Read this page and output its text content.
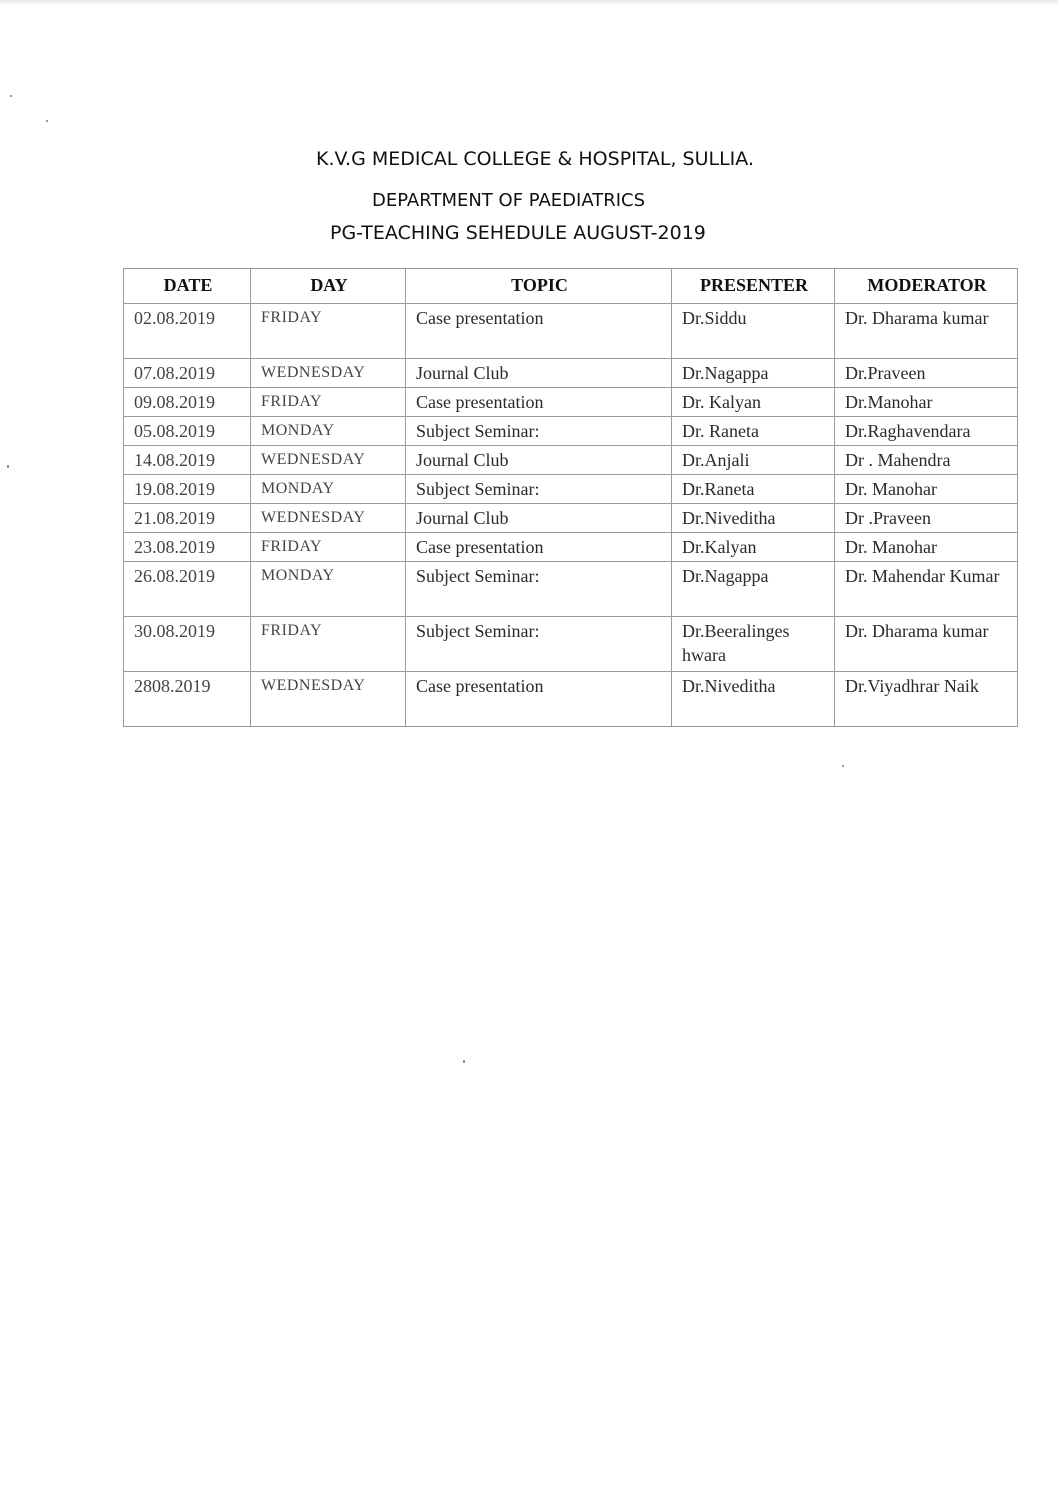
K.V.G MEDICAL COLLEGE & HOSPITAL, SULLIA.
DEPARTMENT OF PAEDIATRICS
PG-TEACHING SEHEDULE AUGUST-2019
DATE	DAY	TOPIC	PRESENTER	MODERATOR
02.08.2019	FRIDAY	Case presentation	Dr.Siddu	Dr. Dharama kumar
07.08.2019	WEDNESDAY	Journal Club	Dr.Nagappa	Dr.Praveen
09.08.2019	FRIDAY	Case presentation	Dr. Kalyan	Dr.Manohar
05.08.2019	MONDAY	Subject Seminar:	Dr. Raneta	Dr.Raghavendara
14.08.2019	WEDNESDAY	Journal Club	Dr.Anjali	Dr . Mahendra
19.08.2019	MONDAY	Subject Seminar:	Dr.Raneta	Dr. Manohar
21.08.2019	WEDNESDAY	Journal Club	Dr.Niveditha	Dr .Praveen
23.08.2019	FRIDAY	Case presentation	Dr.Kalyan	Dr. Manohar
26.08.2019	MONDAY	Subject Seminar:	Dr.Nagappa	Dr. Mahendar Kumar
30.08.2019	FRIDAY	Subject Seminar:	Dr.Beeralinges hwara	Dr. Dharama kumar
2808.2019	WEDNESDAY	Case presentation	Dr.Niveditha	Dr.Viyadhrar Naik
